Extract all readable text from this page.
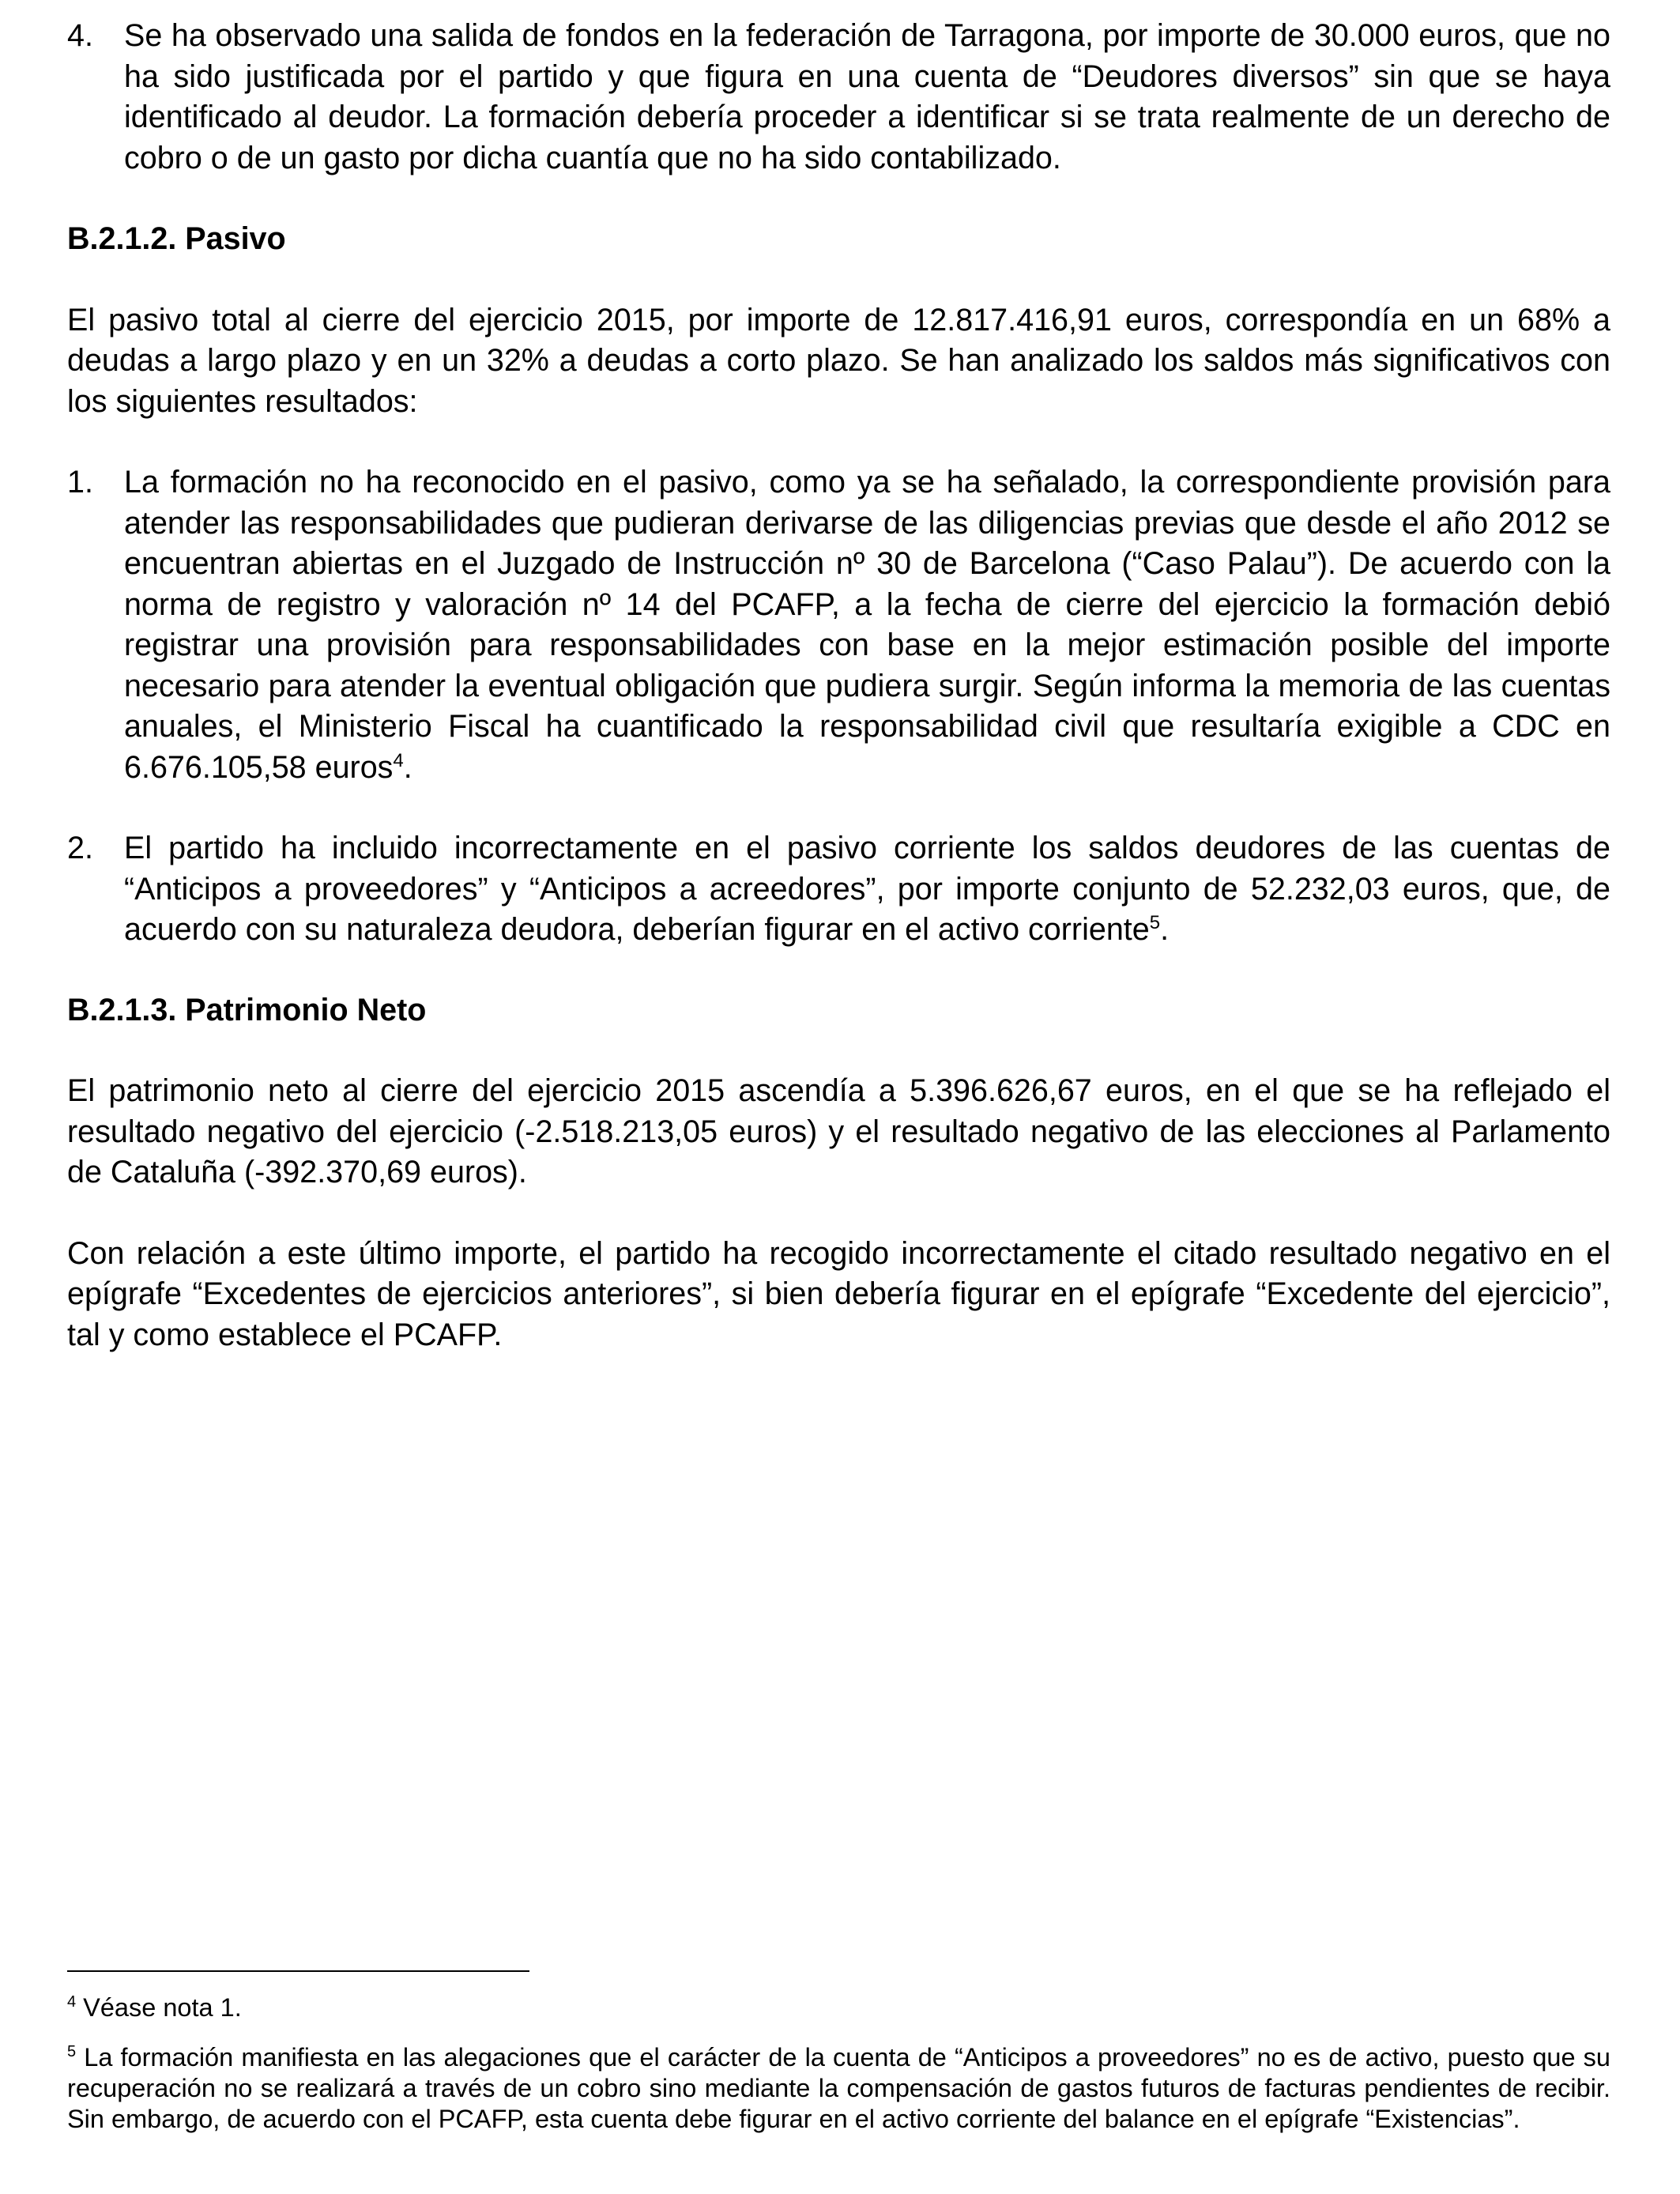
4. Se ha observado una salida de fondos en la federación de Tarragona, por importe de 30.000 euros, que no ha sido justificada por el partido y que figura en una cuenta de “Deudores diversos” sin que se haya identificado al deudor. La formación debería proceder a identificar si se trata realmente de un derecho de cobro o de un gasto por dicha cuantía que no ha sido contabilizado.
B.2.1.2. Pasivo

El pasivo total al cierre del ejercicio 2015, por importe de 12.817.416,91 euros, correspondía en un 68% a deudas a largo plazo y en un 32% a deudas a corto plazo. Se han analizado los saldos más significativos con los siguientes resultados:

1. La formación no ha reconocido en el pasivo, como ya se ha señalado, la correspondiente provisión para atender las responsabilidades que pudieran derivarse de las diligencias previas que desde el año 2012 se encuentran abiertas en el Juzgado de Instrucción nº 30 de Barcelona (“Caso Palau”). De acuerdo con la norma de registro y valoración nº 14 del PCAFP, a la fecha de cierre del ejercicio la formación debió registrar una provisión para responsabilidades con base en la mejor estimación posible del importe necesario para atender la eventual obligación que pudiera surgir. Según informa la memoria de las cuentas anuales, el Ministerio Fiscal ha cuantificado la responsabilidad civil que resultaría exigible a CDC en 6.676.105,58 euros$^4$.
2. El partido ha incluido incorrectamente en el pasivo corriente los saldos deudores de las cuentas de “Anticipos a proveedores” y “Anticipos a acreedores”, por importe conjunto de 52.232,03 euros, que, de acuerdo con su naturaleza deudora, deberían figurar en el activo corriente$^5$.
B.2.1.3. Patrimonio Neto

El patrimonio neto al cierre del ejercicio 2015 ascendía a 5.396.626,67 euros, en el que se ha reflejado el resultado negativo del ejercicio (-2.518.213,05 euros) y el resultado negativo de las elecciones al Parlamento de Cataluña (-392.370,69 euros).

Con relación a este último importe, el partido ha recogido incorrectamente el citado resultado negativo en el epígrafe “Excedentes de ejercicios anteriores”, si bien debería figurar en el epígrafe “Excedente del ejercicio”, tal y como establece el PCAFP.

$^4$ Véase nota 1.

$^5$ La formación manifiesta en las alegaciones que el carácter de la cuenta de “Anticipos a proveedores” no es de activo, puesto que su recuperación no se realizará a través de un cobro sino mediante la compensación de gastos futuros de facturas pendientes de recibir. Sin embargo, de acuerdo con el PCAFP, esta cuenta debe figurar en el activo corriente del balance en el epígrafe “Existencias”.
